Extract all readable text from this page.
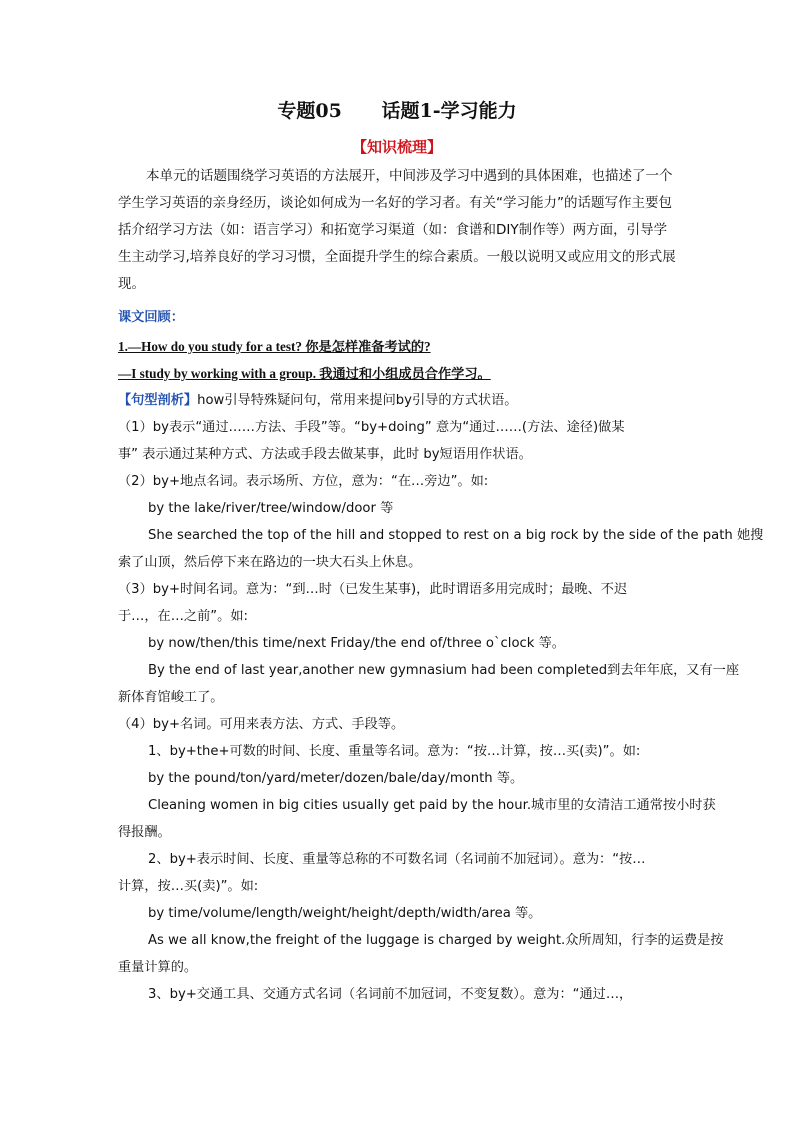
专题05      话题1-学习能力
【知识梳理】

本单元的话题围绕学习英语的方法展开，中间涉及学习中遇到的具体困难，也描述了一个学生学习英语的亲身经历，谈论如何成为一名好的学习者。有关“学习能力”的话题写作主要包括介绍学习方法（如：语言学习）和拓宽学习渠道（如：食谱和DIY制作等）两方面，引导学生主动学习,培养良好的学习习惯，全面提升学生的综合素质。一般以说明又或应用文的形式展现。

课文回顾：
1.—How do you study for a test? 你是怎样准备考试的?
—I study by working with a group. 我通过和小组成员合作学习。
【句型剖析】how引导特殊疑问句，常用来提问by引导的方式状语。
（1）by表示“通过……方法、手段”等。“by+doing” 意为“通过……(方法、途径)做某
事” 表示通过某种方式、方法或手段去做某事，此时 by短语用作状语。
（2）by+地点名词。表示场所、方位，意为：“在…旁边”。如:
by the lake/river/tree/window/door 等
She searched the top of the hill and stopped to rest on a big rock by the side of the path 她搜
索了山顶，然后停下来在路边的一块大石头上休息。
（3）by+时间名词。意为：“到…时（已发生某事)，此时谓语多用完成时；最晚、不迟
于…，在…之前”。如:
by now/then/this time/next Friday/the end of/three o`clock 等。
By the end of last year,another new gymnasium had been completed到去年年底，又有一座
新体育馆峻工了。
（4）by+名词。可用来表方法、方式、手段等。
1、by+the+可数的时间、长度、重量等名词。意为：“按…计算，按…买(卖)”。如:
by the pound/ton/yard/meter/dozen/bale/day/month 等。
Cleaning women in big cities usually get paid by the hour.城市里的女清洁工通常按小时获
得报酬。
2、by+表示时间、长度、重量等总称的不可数名词（名词前不加冠词）。意为：“按…
计算，按…买(卖)”。如:
by time/volume/length/weight/height/depth/width/area 等。
As we all know,the freight of the luggage is charged by weight.众所周知，行李的运费是按
重量计算的。
3、by+交通工具、交通方式名词（名词前不加冠词，不变复数）。意为：“通过…，
